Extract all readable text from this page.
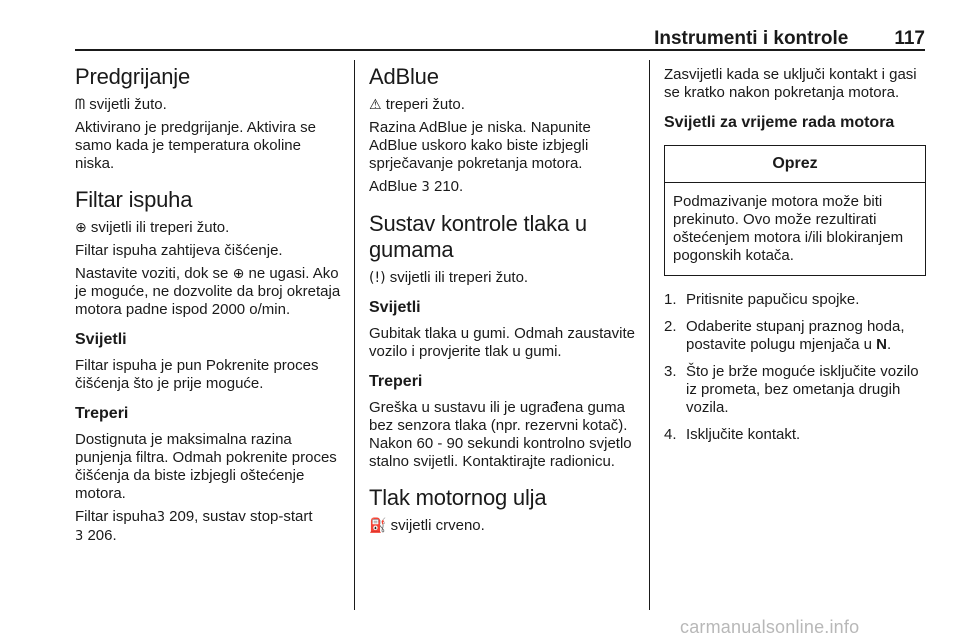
Instrumenti i kontrole 117
Predgrijanje

ᗰ svijetli žuto.

Aktivirano je predgrijanje. Aktivira se samo kada je temperatura okoline niska.

Filtar ispuha

⊕ svijetli ili treperi žuto.

Filtar ispuha zahtijeva čišćenje.

Nastavite voziti, dok se ⊕ ne ugasi. Ako je moguće, ne dozvolite da broj okretaja motora padne ispod 2000 o/min.

Svijetli

Filtar ispuha je pun Pokrenite proces čišćenja što je prije moguće.

Treperi

Dostignuta je maksimalna razina punjenja filtra. Odmah pokrenite proces čišćenja da biste izbjegli oštećenje motora.

Filtar ispuha3 209, sustav stop-start
3 206.

AdBlue

⚠ treperi žuto.

Razina AdBlue je niska. Napunite AdBlue uskoro kako biste izbjegli sprječavanje pokretanja motora.

AdBlue 3 210.

Sustav kontrole tlaka u gumama

(!) svijetli ili treperi žuto.

Svijetli

Gubitak tlaka u gumi. Odmah zaustavite vozilo i provjerite tlak u gumi.

Treperi

Greška u sustavu ili je ugrađena guma bez senzora tlaka (npr. rezervni kotač). Nakon 60 - 90 sekundi kontrolno svjetlo stalno svijetli. Kontaktirajte radionicu.

Tlak motornog ulja

⛽ svijetli crveno.

Zasvijetli kada se uključi kontakt i gasi se kratko nakon pokretanja motora.

Svijetli za vrijeme rada motora
Oprez
Podmazivanje motora može biti prekinuto. Ovo može rezultirati oštećenjem motora i/ili blokiranjem pogonskih kotača.
1. Pritisnite papučicu spojke.
2. Odaberite stupanj praznog hoda, postavite polugu mjenjača u N.
3. Što je brže moguće isključite vozilo iz prometa, bez ometanja drugih vozila.
4. Isključite kontakt.
carmanualsonline.info
